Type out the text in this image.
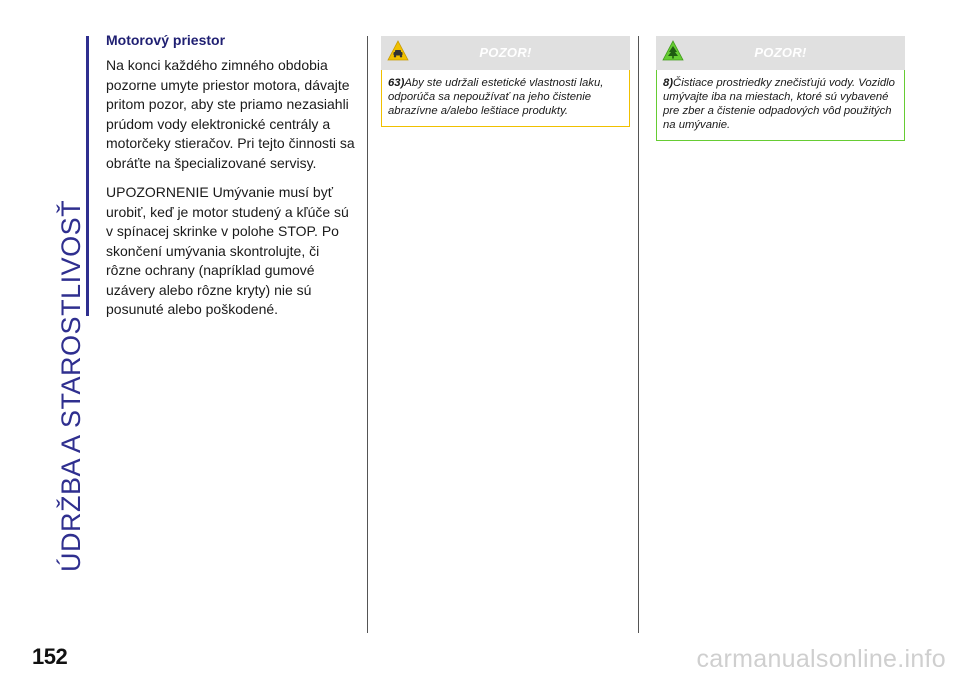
ÚDRŽBA A STAROSTLIVOSŤ
Motorový priestor

Na konci každého zimného obdobia pozorne umyte priestor motora, dávajte pritom pozor, aby ste priamo nezasiahli prúdom vody elektronické centrály a motorčeky stieračov. Pri tejto činnosti sa obráťte na špecializované servisy.

UPOZORNENIE Umývanie musí byť urobiť, keď je motor studený a kľúče sú v spínacej skrinke v polohe STOP. Po skončení umývania skontrolujte, či rôzne ochrany (napríklad gumové uzávery alebo rôzne kryty) nie sú posunuté alebo poškodené.

POZOR!
63)Aby ste udržali estetické vlastnosti laku, odporúča sa nepoužívať na jeho čistenie abrazívne a/alebo leštiace produkty.
POZOR!
8)Čistiace prostriedky znečisťujú vody. Vozidlo umývajte iba na miestach, ktoré sú vybavené pre zber a čistenie odpadových vôd použitých na umývanie.
152	carmanualsonline.info
